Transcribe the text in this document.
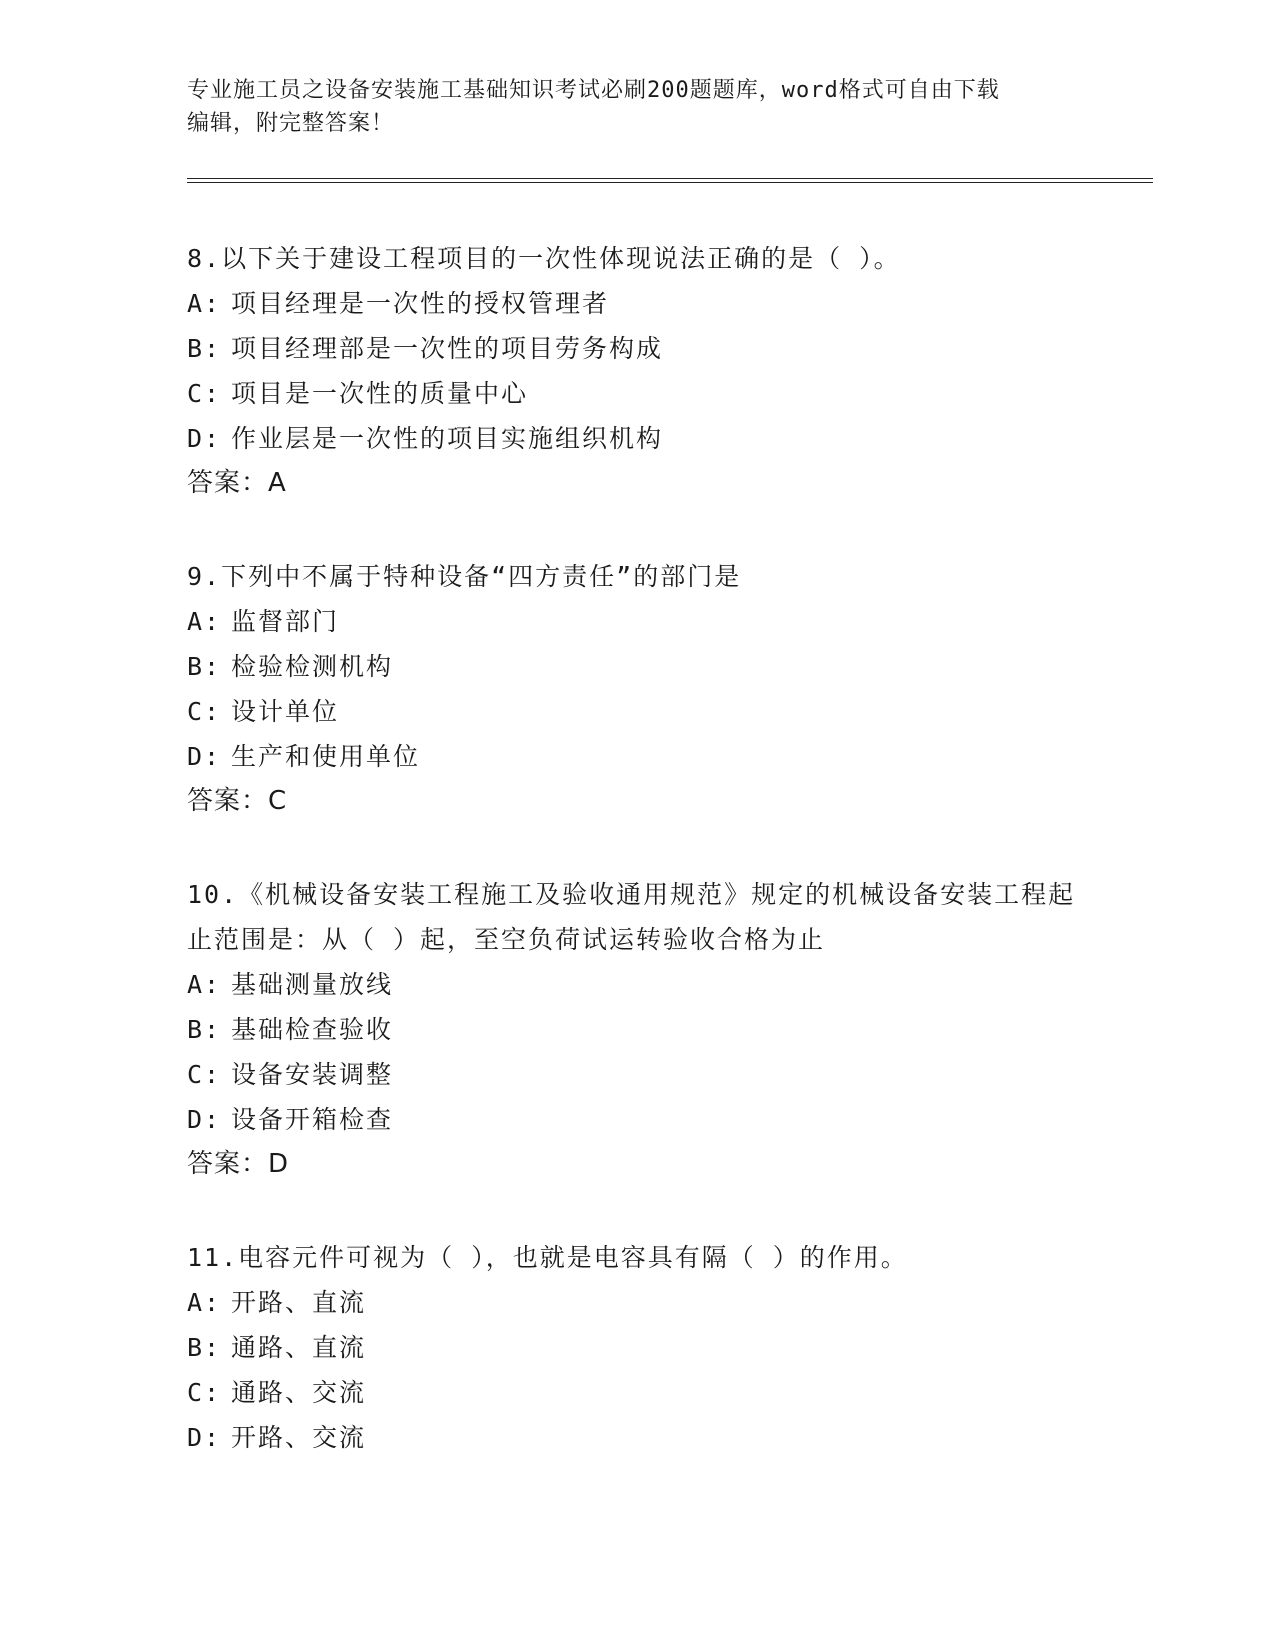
专业施工员之设备安装施工基础知识考试必刷200题题库，word格式可自由下载
编辑，附完整答案！
8.以下关于建设工程项目的一次性体现说法正确的是（ ）。
A: 项目经理是一次性的授权管理者
B: 项目经理部是一次性的项目劳务构成
C: 项目是一次性的质量中心
D: 作业层是一次性的项目实施组织机构
答案：A
9.下列中不属于特种设备“四方责任”的部门是
A: 监督部门
B: 检验检测机构
C: 设计单位
D: 生产和使用单位
答案：C
10.《机械设备安装工程施工及验收通用规范》规定的机械设备安装工程起止范围是：从（ ）起，至空负荷试运转验收合格为止
A: 基础测量放线
B: 基础检查验收
C: 设备安装调整
D: 设备开箱检查
答案：D
11.电容元件可视为（ ），也就是电容具有隔（ ）的作用。
A: 开路、直流
B: 通路、直流
C: 通路、交流
D: 开路、交流
